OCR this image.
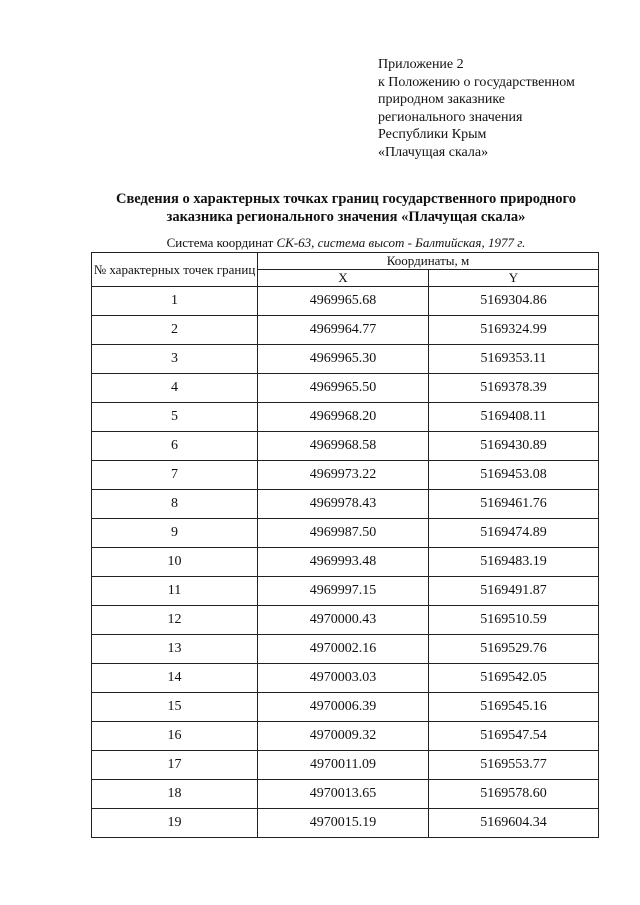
Приложение 2
к Положению о государственном
природном заказнике
регионального значения
Республики Крым
«Плачущая скала»
Сведения о характерных точках границ государственного природного
заказника регионального значения «Плачущая скала»
Система координат СК-63, система высот - Балтийская, 1977 г.
№ характерных точек границ	Координаты, м	
	X	Y
1	4969965.68	5169304.86
2	4969964.77	5169324.99
3	4969965.30	5169353.11
4	4969965.50	5169378.39
5	4969968.20	5169408.11
6	4969968.58	5169430.89
7	4969973.22	5169453.08
8	4969978.43	5169461.76
9	4969987.50	5169474.89
10	4969993.48	5169483.19
11	4969997.15	5169491.87
12	4970000.43	5169510.59
13	4970002.16	5169529.76
14	4970003.03	5169542.05
15	4970006.39	5169545.16
16	4970009.32	5169547.54
17	4970011.09	5169553.77
18	4970013.65	5169578.60
19	4970015.19	5169604.34
